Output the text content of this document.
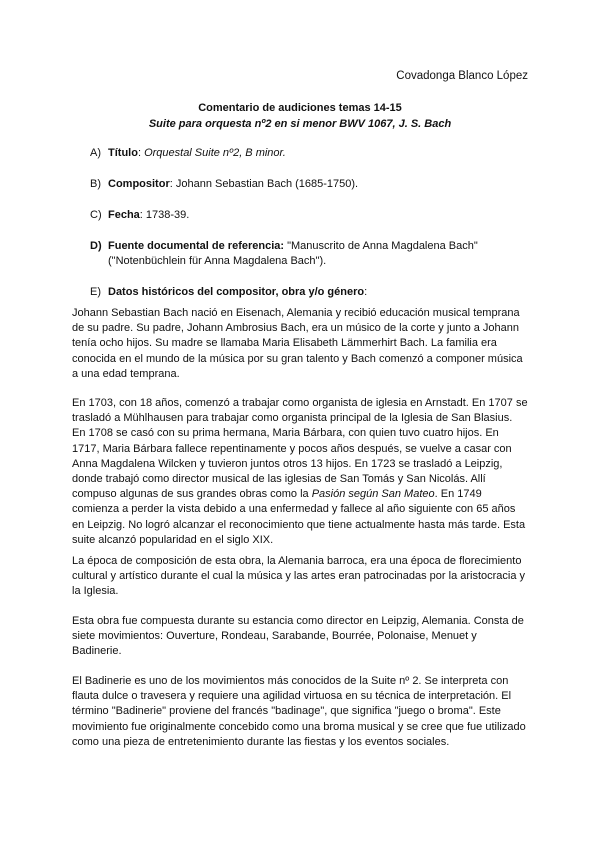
Covadonga Blanco López
Comentario de audiciones temas 14-15
Suite para orquesta nº2 en si menor BWV 1067, J. S. Bach
A) Título: Orquestal Suite nº2, B minor.
B) Compositor: Johann Sebastian Bach (1685-1750).
C) Fecha: 1738-39.
D) Fuente documental de referencia: "Manuscrito de Anna Magdalena Bach" ("Notenbüchlein für Anna Magdalena Bach").
E) Datos históricos del compositor, obra y/o género:

Johann Sebastian Bach nació en Eisenach, Alemania y recibió educación musical temprana de su padre. Su padre, Johann Ambrosius Bach, era un músico de la corte y junto a Johann tenía ocho hijos. Su madre se llamaba Maria Elisabeth Lämmerhirt Bach. La familia era conocida en el mundo de la música por su gran talento y Bach comenzó a componer música a una edad temprana.

En 1703, con 18 años, comenzó a trabajar como organista de iglesia en Arnstadt. En 1707 se trasladó a Mühlhausen para trabajar como organista principal de la Iglesia de San Blasius. En 1708 se casó con su prima hermana, Maria Bárbara, con quien tuvo cuatro hijos. En 1717, Maria Bárbara fallece repentinamente y pocos años después, se vuelve a casar con Anna Magdalena Wilcken y tuvieron juntos otros 13 hijos. En 1723 se trasladó a Leipzig, donde trabajó como director musical de las iglesias de San Tomás y San Nicolás. Allí compuso algunas de sus grandes obras como la Pasión según San Mateo. En 1749 comienza a perder la vista debido a una enfermedad y fallece al año siguiente con 65 años en Leipzig. No logró alcanzar el reconocimiento que tiene actualmente hasta más tarde. Esta suite alcanzó popularidad en el siglo XIX.

La época de composición de esta obra, la Alemania barroca, era una época de florecimiento cultural y artístico durante el cual la música y las artes eran patrocinadas por la aristocracia y la Iglesia.

Esta obra fue compuesta durante su estancia como director en Leipzig, Alemania. Consta de siete movimientos: Ouverture, Rondeau, Sarabande, Bourrée, Polonaise, Menuet y Badinerie.

El Badinerie es uno de los movimientos más conocidos de la Suite nº 2. Se interpreta con flauta dulce o travesera y requiere una agilidad virtuosa en su técnica de interpretación. El término "Badinerie" proviene del francés "badinage", que significa "juego o broma". Este movimiento fue originalmente concebido como una broma musical y se cree que fue utilizado como una pieza de entretenimiento durante las fiestas y los eventos sociales.
